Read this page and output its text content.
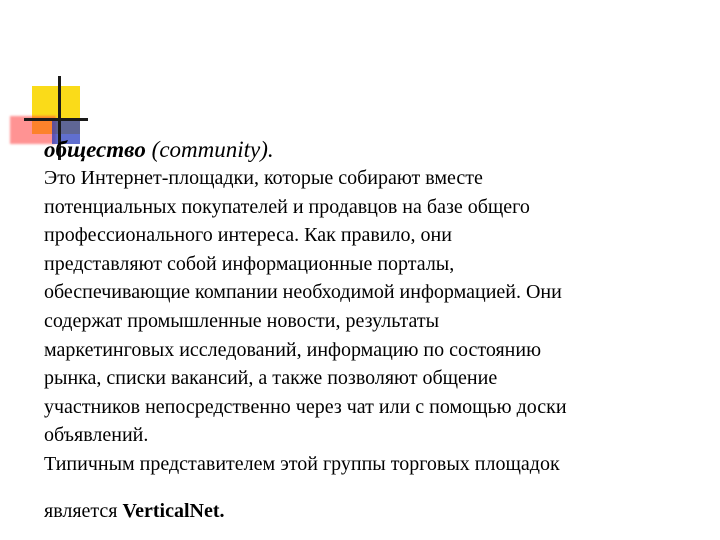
обществo (community).

Это Интернет-площадки, которые собирают вместе
потенциальных покупателей и продавцов на базе общего
профессионального интереса. Как правило, они
представляют собой информационные порталы,
обеспечивающие компании необходимой информацией. Они
содержат промышленные новости, результаты
маркетинговых исследований, информацию по состоянию
рынка, списки вакансий, а также позволяют общение
участников непосредственно через чат или с помощью доски
объявлений.
Типичным представителем этой группы торговых площадок

является VerticalNet.
